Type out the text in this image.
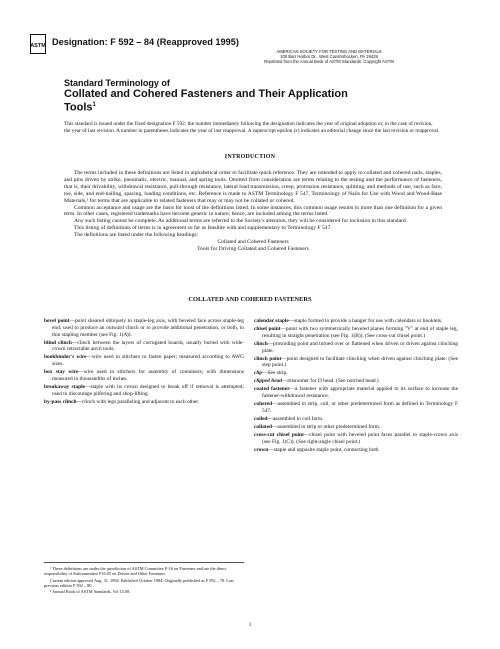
ASTM Designation: F 592 – 84 (Reapproved 1995)
AMERICAN SOCIETY FOR TESTING AND MATERIALS
100 Barr Harbor Dr., West Conshohocken, PA 19428
Reprinted from the Annual Book of ASTM Standards. Copyright ASTM
Standard Terminology of
Collated and Cohered Fasteners and Their Application
Tools$^1$
This standard is issued under the fixed designation F 592; the number immediately following the designation indicates the year of original adoption or, in the case of revision, the year of last revision. A number in parentheses indicates the year of last reapproval. A superscript epsilon (ε) indicates an editorial change since the last revision or reapproval.
INTRODUCTION

The terms included in these definitions are listed in alphabetical order to facilitate quick reference. They are intended to apply to collated and cohered nails, staples, and pins driven by strike, pneumatic, electric, manual, and spring tools. Omitted from consideration are terms relating to the testing and the performance of fasteners, that is, their drivability, withdrawal resistance, pull-through resistance, lateral load transmission, creep, protrusion resistance, splitting, and methods of use, such as face, toe, side, and end-nailing, spacing, loading conditions, etc. Reference is made to ASTM Terminology F 547, Terminology of Nails for Use with Wood and Wood-Base Materials,² for terms that are applicable to related fasteners that may or may not be collated or cohered.

Common acceptance and usage are the basis for most of the definitions listed. In some instances, this common usage results in more than one definition for a given term. In other cases, registered trademarks have become generic in nature; hence, are included among the terms listed.

Any such listing cannot be complete. As additional terms are referred to the Society's attention, they will be considered for inclusion in this standard.

This listing of definitions of terms is in agreement so far as feasible with and supplementary to Terminology F 547.

The definitions are listed under the following headings:

Collated and Cohered Fasteners
Tools for Driving Collated and Cohered Fasteners
COLLATED AND COHERED FASTENERS

bevel point—point sheared obliquely to staple-leg axis, with beveled face across staple-leg end; used to produce an outward clinch or to provide additional penetration, or both, in thin stapling member (see Fig. 1(A)).

blind clinch—clinch between the layers of corrugated boards, usually buried with wide-crown retractable anvil tools.

bookbinder's wire—wire used in stitchers to fasten paper; measured according to AWG sizes.

box stay wire—wire used in stitchers for assembly of containers; with dimensions measured in thousandths of inches.

breakaway staple—staple with its crown designed to break off if removal is attempted; used to discourage pilfering and shop-lifting.

by-pass clinch—clinch with legs paralleling and adjacent to each other.

calendar staple—staple formed to provide a hanger for use with calendars or booklets.

chisel point—point with two symmetrically beveled planes forming "V" at end of staple leg, resulting in straight penetration (see Fig. 1(B)). (See cross-cut chisel point.)

clinch—protruding point and turned over or flattened when driven or driven against clinching plate.

clinch point—point designed to facilitate clinching when driven against clinching plate. (See step point.)

clip—See strip.

clipped head—misnomer for D head. (See notched head.)

coated fastener—a fastener with appropriate material applied to its surface to increase the fastener-withdrawal resistance.

cohered—assembled in strip, coil, or other predetermined form as defined in Terminology F 547.

coiled—assembled in coil form.

collated—assembled in strip or other predetermined form.

cross-cut chisel point—chisel point with beveled point faces parallel to staple-crown axis (see Fig. 1(C)). (See right-angle chisel point.)

crown—staple and opposite staple point, connecting both

¹ These definitions are under the jurisdiction of ASTM Committee F-16 on Fasteners and are the direct responsibility of Subcommittee F16.05 on Driven and Other Fasteners.

Current edition approved Aug. 31, 1984. Published October 1984. Originally published as F 592 – 78. Last previous edition F 592 – 80.

² Annual Book of ASTM Standards, Vol 15.08.

1
